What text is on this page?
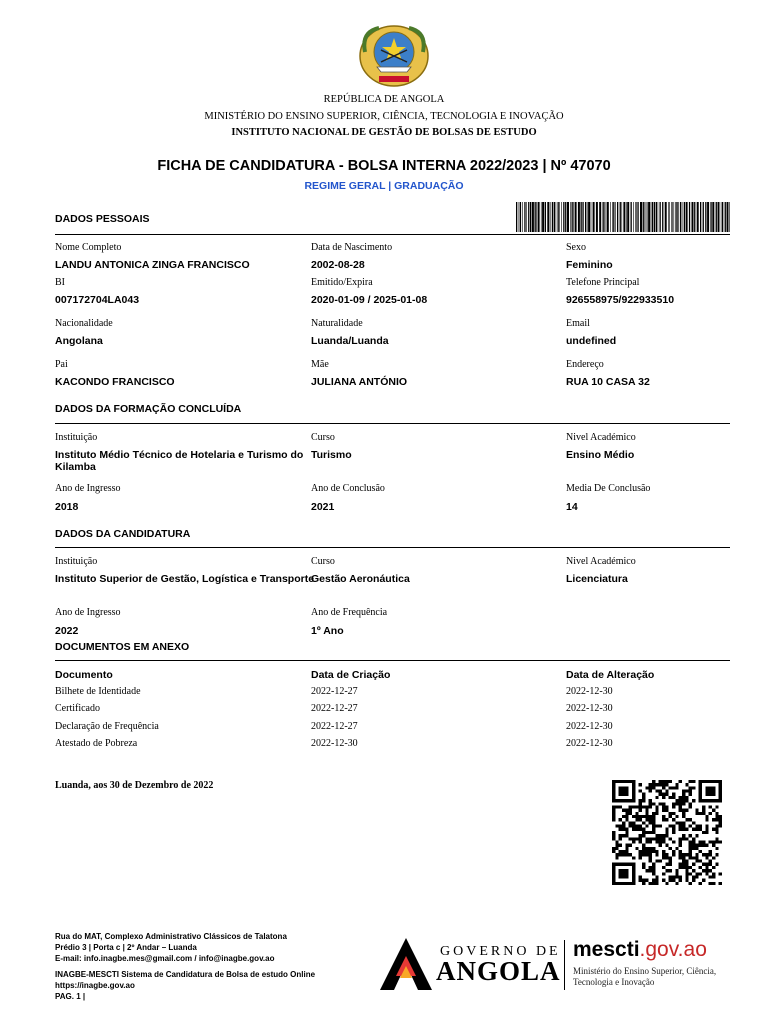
REPÚBLICA DE ANGOLA
MINISTÉRIO DO ENSINO SUPERIOR, CIÊNCIA, TECNOLOGIA E INOVAÇÃO
INSTITUTO NACIONAL DE GESTÃO DE BOLSAS DE ESTUDO
FICHA DE CANDIDATURA - BOLSA INTERNA 2022/2023 | Nº 47070
REGIME GERAL | GRADUAÇÃO
DADOS PESSOAIS
Nome Completo
LANDU ANTONICA ZINGA FRANCISCO
Data de Nascimento
2002-08-28
Sexo
Feminino
BI
007172704LA043
Emitido/Expira
2020-01-09 / 2025-01-08
Telefone Principal
926558975/922933510
Nacionalidade
Angolana
Naturalidade
Luanda/Luanda
Email
undefined
Pai
KACONDO FRANCISCO
Mãe
JULIANA ANTÓNIO
Endereço
RUA 10 CASA 32
DADOS DA FORMAÇÃO CONCLUÍDA
Instituição
Instituto Médio Técnico de Hotelaria e Turismo do Kilamba
Curso
Turismo
Nivel Académico
Ensino Médio
Ano de Ingresso
2018
Ano de Conclusão
2021
Media De Conclusão
14
DADOS DA CANDIDATURA
Instituição
Instituto Superior de Gestão, Logística e Transporte
Curso
Gestão Aeronáutica
Nivel Académico
Licenciatura
Ano de Ingresso
2022
Ano de Frequência
1º Ano
DOCUMENTOS EM ANEXO
Documento	Data de Criação	Data de Alteração
Bilhete de Identidade	2022-12-27	2022-12-30
Certificado	2022-12-27	2022-12-30
Declaração de Frequência	2022-12-27	2022-12-30
Atestado de Pobreza	2022-12-30	2022-12-30
Luanda, aos 30 de Dezembro de 2022
Rua do MAT, Complexo Administrativo Clássicos de Talatona
Prédio 3 | Porta c | 2º Andar – Luanda
E-mail: info.inagbe.mes@gmail.com / info@inagbe.gov.ao
INAGBE-MESCTI Sistema de Candidatura de Bolsa de estudo Online
https://inagbe.gov.ao
PAG. 1 |
GOVERNO DE
ANGOLA
mescti.gov.ao
Ministério do Ensino Superior, Ciência,
Tecnologia e Inovação
